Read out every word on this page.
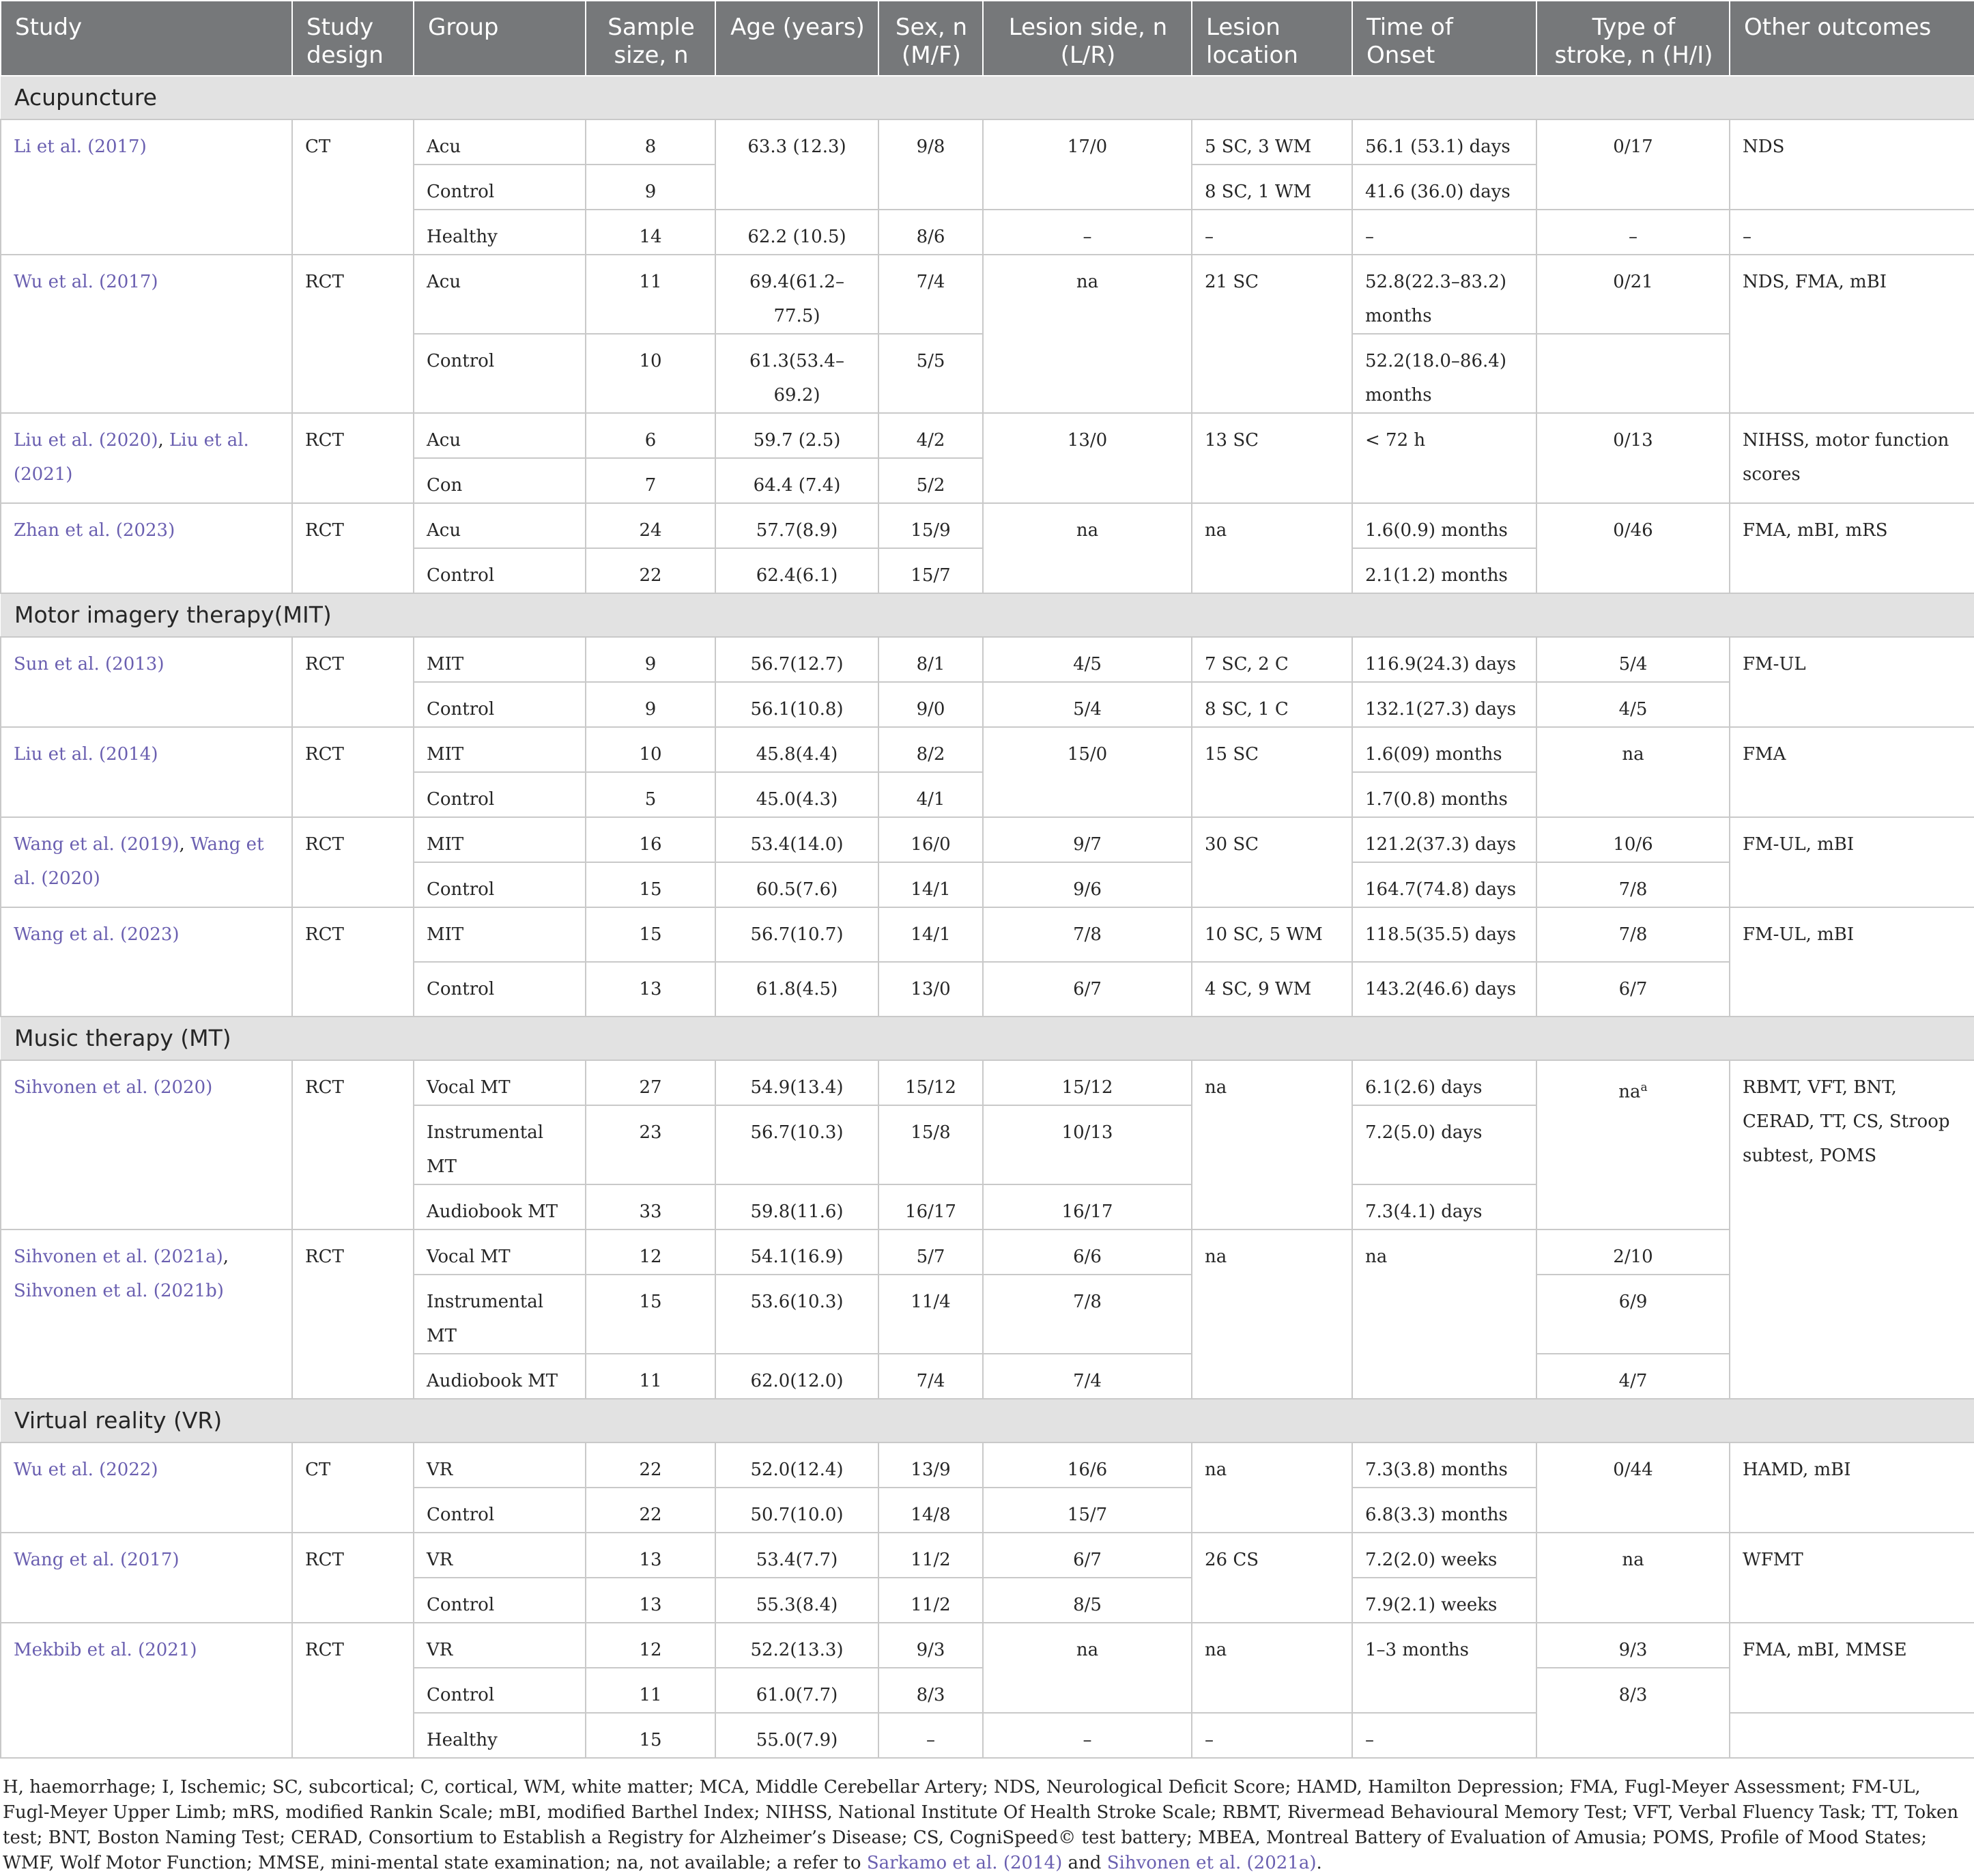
Study	Study design	Group	Sample size, n	Age (years)	Sex, n (M/F)	Lesion side, n (L/R)	Lesion location	Time of Onset	Type of stroke, n (H/I)	Other outcomes
Acupuncture										
Li et al. (2017)	CT	Acu	8	63.3 (12.3)	9/8	17/0	5 SC, 3 WM	56.1 (53.1) days	0/17	NDS
		Control	9				8 SC, 1 WM	41.6 (36.0) days		
		Healthy	14	62.2 (10.5)	8/6	–	–	–	–	–
Wu et al. (2017)	RCT	Acu	11	69.4(61.2–77.5)	7/4	na	21 SC	52.8(22.3–83.2) months	0/21	NDS, FMA, mBI
		Control	10	61.3(53.4–69.2)	5/5			52.2(18.0–86.4) months		
Liu et al. (2020), Liu et al. (2021)	RCT	Acu	6	59.7 (2.5)	4/2	13/0	13 SC	< 72 h	0/13	NIHSS, motor function scores
		Con	7	64.4 (7.4)	5/2					
Zhan et al. (2023)	RCT	Acu	24	57.7(8.9)	15/9	na	na	1.6(0.9) months	0/46	FMA, mBI, mRS
		Control	22	62.4(6.1)	15/7			2.1(1.2) months		
Motor imagery therapy(MIT)										
Sun et al. (2013)	RCT	MIT	9	56.7(12.7)	8/1	4/5	7 SC, 2 C	116.9(24.3) days	5/4	FM-UL
		Control	9	56.1(10.8)	9/0	5/4	8 SC, 1 C	132.1(27.3) days	4/5	
Liu et al. (2014)	RCT	MIT	10	45.8(4.4)	8/2	15/0	15 SC	1.6(09) months	na	FMA
		Control	5	45.0(4.3)	4/1			1.7(0.8) months		
Wang et al. (2019), Wang et al. (2020)	RCT	MIT	16	53.4(14.0)	16/0	9/7	30 SC	121.2(37.3) days	10/6	FM-UL, mBI
		Control	15	60.5(7.6)	14/1	9/6		164.7(74.8) days	7/8	
Wang et al. (2023)	RCT	MIT	15	56.7(10.7)	14/1	7/8	10 SC, 5 WM	118.5(35.5) days	7/8	FM-UL, mBI
		Control	13	61.8(4.5)	13/0	6/7	4 SC, 9 WM	143.2(46.6) days	6/7	
Music therapy (MT)										
Sihvonen et al. (2020)	RCT	Vocal MT	27	54.9(13.4)	15/12	15/12	na	6.1(2.6) days	$na^a$	RBMT, VFT, BNT, CERAD, TT, CS, Stroop subtest, POMS
		Instrumental MT	23	56.7(10.3)	15/8	10/13		7.2(5.0) days		
		Audiobook MT	33	59.8(11.6)	16/17	16/17		7.3(4.1) days		
Sihvonen et al. (2021a), Sihvonen et al. (2021b)	RCT	Vocal MT	12	54.1(16.9)	5/7	6/6	na	na	2/10	
		Instrumental MT	15	53.6(10.3)	11/4	7/8			6/9	
		Audiobook MT	11	62.0(12.0)	7/4	7/4			4/7	
Virtual reality (VR)										
Wu et al. (2022)	CT	VR	22	52.0(12.4)	13/9	16/6	na	7.3(3.8) months	0/44	HAMD, mBI
		Control	22	50.7(10.0)	14/8	15/7		6.8(3.3) months		
Wang et al. (2017)	RCT	VR	13	53.4(7.7)	11/2	6/7	26 CS	7.2(2.0) weeks	na	WFMT
		Control	13	55.3(8.4)	11/2	8/5		7.9(2.1) weeks		
Mekbib et al. (2021)	RCT	VR	12	52.2(13.3)	9/3	na	na	1–3 months	9/3	FMA, mBI, MMSE
		Control	11	61.0(7.7)	8/3				8/3	
		Healthy	15	55.0(7.9)	–	–	–	–		
H, haemorrhage; I, Ischemic; SC, subcortical; C, cortical, WM, white matter; MCA, Middle Cerebellar Artery; NDS, Neurological Deficit Score; HAMD, Hamilton Depression; FMA, Fugl-Meyer Assessment; FM-UL, Fugl-Meyer Upper Limb; mRS, modified Rankin Scale; mBI, modified Barthel Index; NIHSS, National Institute Of Health Stroke Scale; RBMT, Rivermead Behavioural Memory Test; VFT, Verbal Fluency Task; TT, Token test; BNT, Boston Naming Test; CERAD, Consortium to Establish a Registry for Alzheimer’s Disease; CS, CogniSpeed© test battery; MBEA, Montreal Battery of Evaluation of Amusia; POMS, Profile of Mood States; WMF, Wolf Motor Function; MMSE, mini-mental state examination; na, not available; a refer to Sarkamo et al. (2014) and Sihvonen et al. (2021a).
